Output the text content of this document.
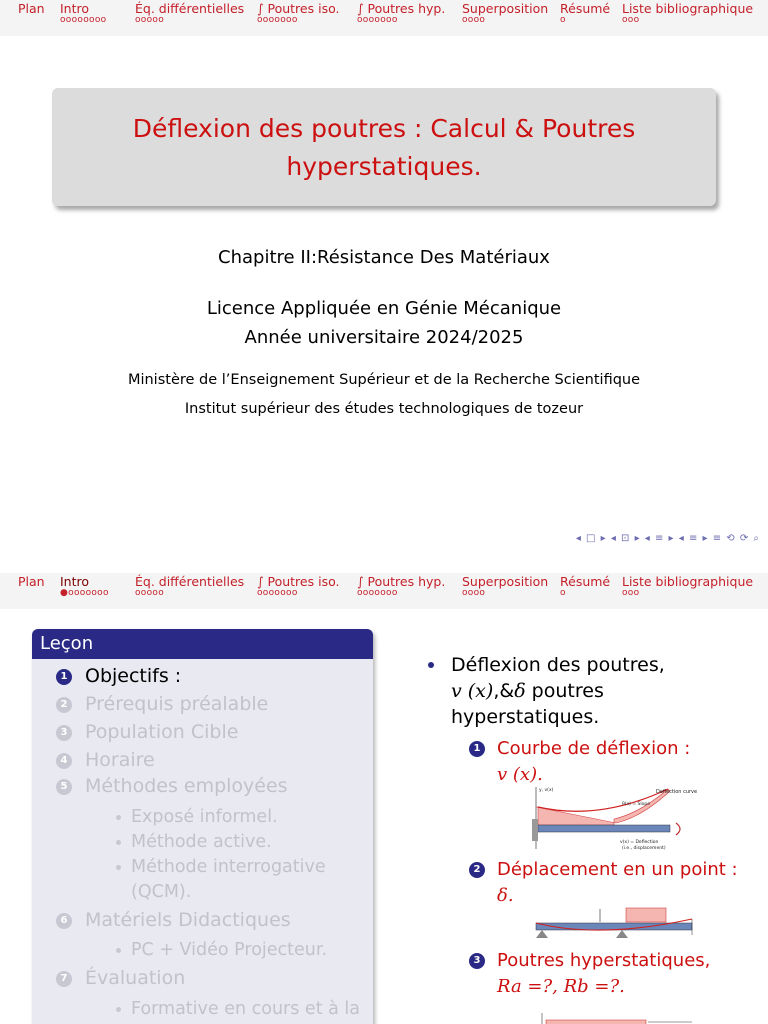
Plan Intro
oooooooo
Éq. différentielles
ooooo
∫ Poutres iso.
ooooooo
∫ Poutres hyp.
ooooooo
Superposition
oooo
Résumé
o
Liste bibliographique
ooo
Déflexion des poutres : Calcul & Poutres
hyperstatiques.
Chapitre II:Résistance Des Matériaux
Licence Appliquée en Génie Mécanique
Année universitaire 2024/2025
Ministère de l’Enseignement Supérieur et de la Recherche Scientifique
Institut supérieur des études technologiques de tozeur
◂ □ ▸ ◂ ⊡ ▸ ◂ ≡ ▸ ◂ ≡ ▸ ≡ ⟲ ⟳ ⌕
Plan Intro
●ooooooo
Éq. différentielles
ooooo
∫ Poutres iso.
ooooooo
∫ Poutres hyp.
ooooooo
Superposition
oooo
Résumé
o
Liste bibliographique
ooo
Leçon
1 Objectifs :
2 Prérequis préalable
3 Population Cible
4 Horaire
5 Méthodes employées
Exposé informel.
Méthode active.
Méthode interrogative
(QCM).
6 Matériels Didactiques
PC + Vidéo Projecteur.
7 Évaluation
Formative en cours et à la
Déflexion des poutres,
v (x),&δ poutres
hyperstatiques.
1 Courbe de déflexion :
v (x).
Deflection curve
θ(x) = Slope
v(x) = Deflection
(i.e., displacement)
y, v(x)
2 Déplacement en un point :
δ.
3 Poutres hyperstatiques,
Ra =?, Rb =?.
